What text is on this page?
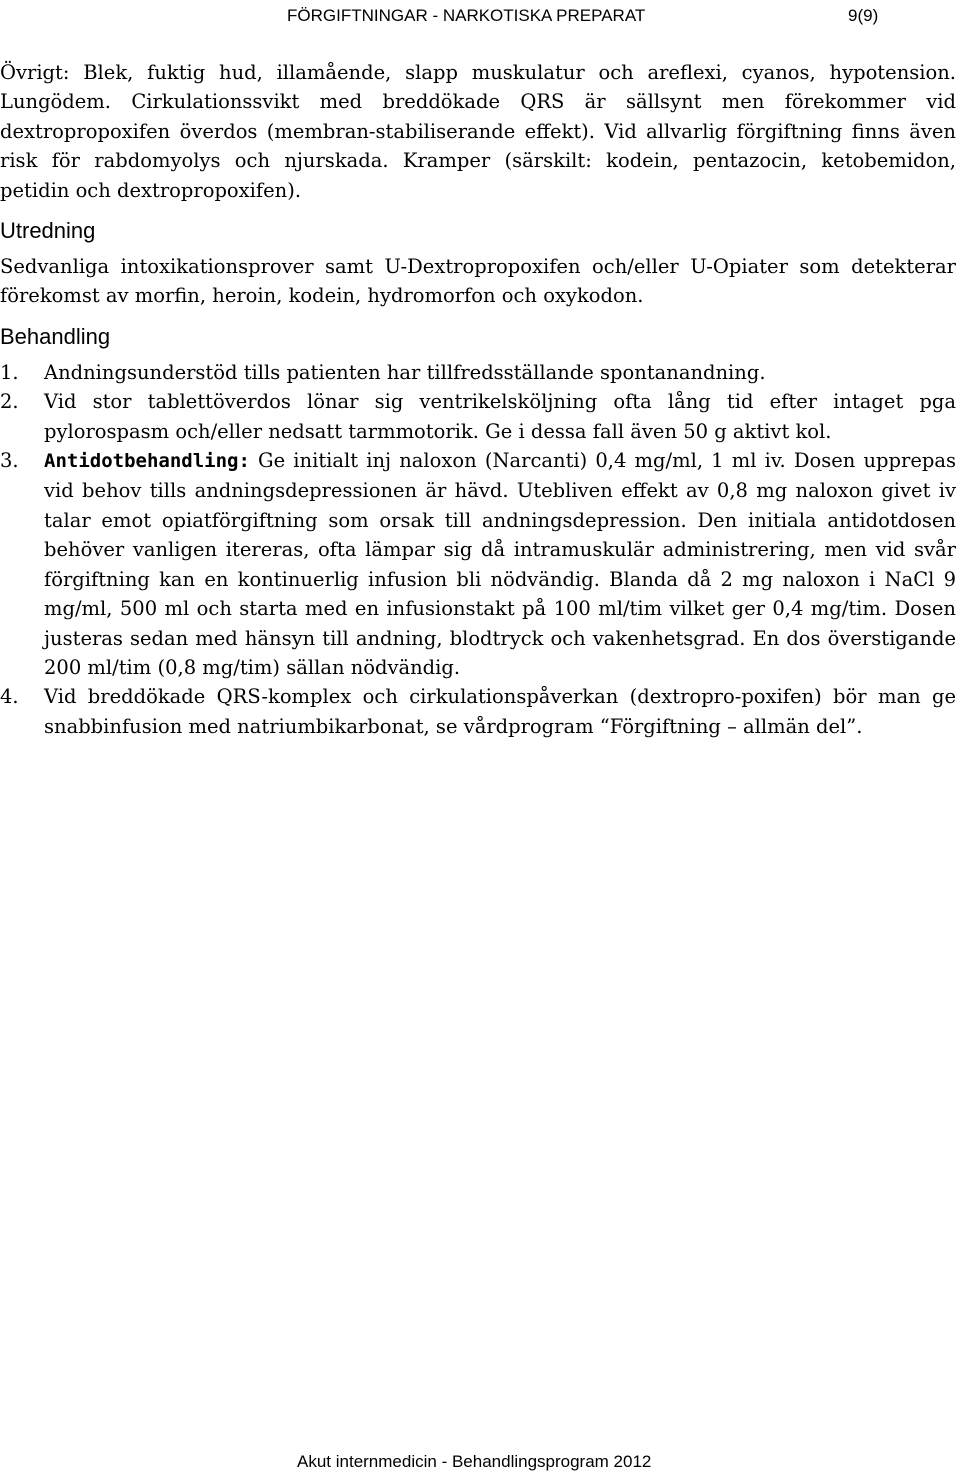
FÖRGIFTNINGAR - NARKOTISKA PREPARAT	9(9)

Övrigt: Blek, fuktig hud, illamående, slapp muskulatur och areflexi, cyanos, hypotension. Lungödem. Cirkulationssvikt med breddökade QRS är sällsynt men förekommer vid dextropropoxifen överdos (membran-stabiliserande effekt). Vid allvarlig förgiftning finns även risk för rabdomyolys och njurskada. Kramper (särskilt: kodein, pentazocin, ketobemidon, petidin och dextropropoxifen).

Utredning

Sedvanliga intoxikationsprover samt U-Dextropropoxifen och/eller U-Opiater som detekterar förekomst av morfin, heroin, kodein, hydromorfon och oxykodon.

Behandling
1. Andningsunderstöd tills patienten har tillfredsställande spontanandning.
2. Vid stor tablettöverdos lönar sig ventrikelsköljning ofta lång tid efter intaget pga pylorospasm och/eller nedsatt tarmmotorik. Ge i dessa fall även 50 g aktivt kol.
3. Antidotbehandling: Ge initialt inj naloxon (Narcanti) 0,4 mg/ml, 1 ml iv. Dosen upprepas vid behov tills andningsdepressionen är hävd. Utebliven effekt av 0,8 mg naloxon givet iv talar emot opiatförgiftning som orsak till andningsdepression. Den initiala antidotdosen behöver vanligen itereras, ofta lämpar sig då intramuskulär administrering, men vid svår förgiftning kan en kontinuerlig infusion bli nödvändig. Blanda då 2 mg naloxon i NaCl 9 mg/ml, 500 ml och starta med en infusionstakt på 100 ml/tim vilket ger 0,4 mg/tim. Dosen justeras sedan med hänsyn till andning, blodtryck och vakenhetsgrad. En dos överstigande 200 ml/tim (0,8 mg/tim) sällan nödvändig.
4. Vid breddökade QRS-komplex och cirkulationspåverkan (dextropro-poxifen) bör man ge snabbinfusion med natriumbikarbonat, se vårdprogram “Förgiftning – allmän del”.
Akut internmedicin - Behandlingsprogram 2012
